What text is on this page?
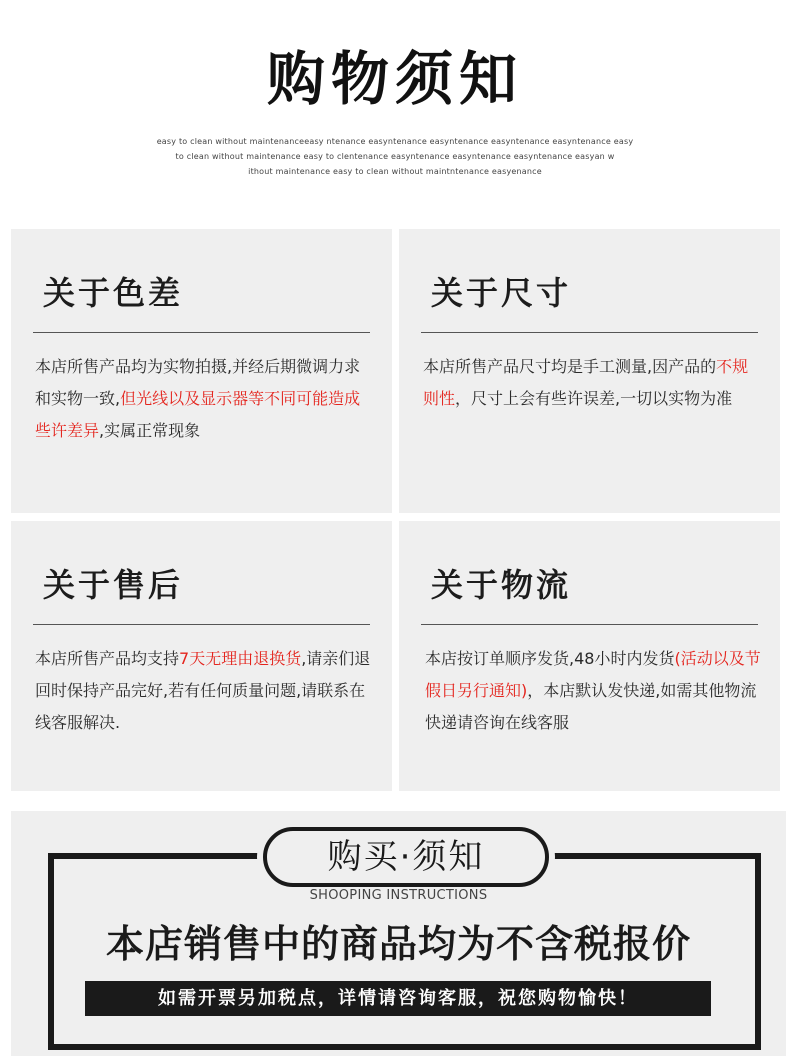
购物须知
easy to clean without maintenanceeasy ntenance easyntenance easyntenance easyntenance easyntenance easy
to clean without maintenance easy to clentenance easyntenance easyntenance easyntenance easyan w
ithout maintenance easy to clean without maintntenance easyenance
关于色差
本店所售产品均为实物拍摄,并经后期微调力求和实物一致,但光线以及显示器等不同可能造成些许差异,实属正常现象
关于尺寸
本店所售产品尺寸均是手工测量,因产品的不规则性，尺寸上会有些许误差,一切以实物为准
关于售后
本店所售产品均支持7天无理由退换货,请亲们退回时保持产品完好,若有任何质量问题,请联系在线客服解决.
关于物流
本店按订单顺序发货,48小时内发货(活动以及节假日另行通知)，本店默认发快递,如需其他物流快递请咨询在线客服
购买·须知
SHOOPING INSTRUCTIONS
本店销售中的商品均为不含税报价
如需开票另加税点，详情请咨询客服，祝您购物愉快！
